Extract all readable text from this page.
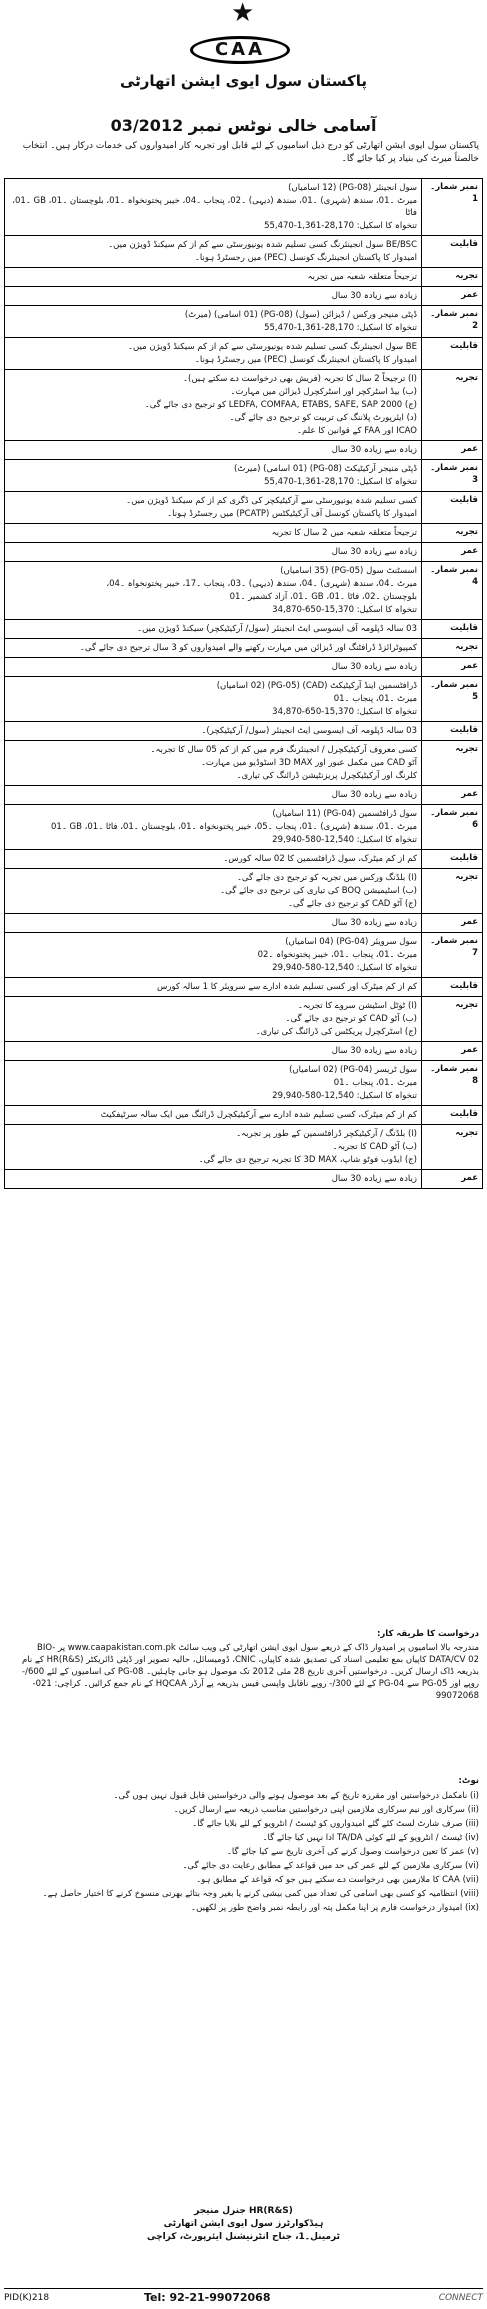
★
CAA
پاکستان سول ایوی ایشن اتھارٹی
آسامی خالی نوٹس نمبر 03/2012
پاکستان سول ایوی ایشن اتھارٹی کو درج ذیل اسامیوں کے لئے قابل اور تجربہ کار امیدواروں کی خدمات درکار ہیں۔ انتخاب خالصتاً میرٹ کی بنیاد پر کیا جائے گا۔
نمبر شمار۔1	سول انجینئر (PG-08) (12 اسامیاں)
میرٹ ۔01، سندھ (شہری) ۔01، سندھ (دیہی) ۔02، پنجاب ۔04، خیبر پختونخواہ ۔01، بلوچستان ۔01، GB ۔01، فاٹا
تنخواہ کا اسکیل: 28,170-1,361-55,470

قابلیت	BE/BSC سول انجینئرنگ کسی تسلیم شدہ یونیورسٹی سے کم از کم سیکنڈ ڈویژن میں۔
امیدوار کا پاکستان انجینئرنگ کونسل (PEC) میں رجسٹرڈ ہونا۔

تجربہ	ترجیحاً متعلقہ شعبہ میں تجربہ

عمر	زیادہ سے زیادہ 30 سال

نمبر شمار۔2	ڈپٹی منیجر ورکس / ڈیزائن (سول) (PG-08) (01 اسامی) (میرٹ)
تنخواہ کا اسکیل: 28,170-1,361-55,470

قابلیت	BE سول انجینئرنگ کسی تسلیم شدہ یونیورسٹی سے کم از کم سیکنڈ ڈویژن میں۔
امیدوار کا پاکستان انجینئرنگ کونسل (PEC) میں رجسٹرڈ ہونا۔

تجربہ	(ا) ترجیحاً 2 سال کا تجربہ (فریش بھی درخواست دے سکتے ہیں)۔
(ب) بیڈ اسٹرکچر اور اسٹرکچرل ڈیزائن میں مہارت۔
(ج) LEDFA, COMFAA, ETABS, SAFE, SAP 2000 کو ترجیح دی جائے گی۔
(د) ایئرپورٹ پلاننگ کی تربیت کو ترجیح دی جائے گی۔
ICAO اور FAA کے قوانین کا علم۔

عمر	زیادہ سے زیادہ 30 سال

نمبر شمار۔3	ڈپٹی منیجر آرکیٹیکٹ (PG-08) (01 اسامی) (میرٹ)
تنخواہ کا اسکیل: 28,170-1,361-55,470

قابلیت	کسی تسلیم شدہ یونیورسٹی سے آرکیٹیکچر کی ڈگری کم از کم سیکنڈ ڈویژن میں۔
امیدوار کا پاکستان کونسل آف آرکیٹیکٹس (PCATP) میں رجسٹرڈ ہونا۔

تجربہ	ترجیحاً متعلقہ شعبہ میں 2 سال کا تجربہ

عمر	زیادہ سے زیادہ 30 سال

نمبر شمار۔4	اسسٹنٹ سول (PG-05) (35 اسامیاں)
میرٹ ۔04، سندھ (شہری) ۔04، سندھ (دیہی) ۔03، پنجاب ۔17، خیبر پختونخواہ ۔04،
بلوچستان ۔02، فاٹا ۔01، GB ۔01، آزاد کشمیر ۔01
تنخواہ کا اسکیل: 15,370-650-34,870

قابلیت	03 سالہ ڈپلومہ آف ایسوسی ایٹ انجینئر (سول/ آرکیٹیکچر) سیکنڈ ڈویژن میں۔

تجربہ	کمپیوٹرائزڈ ڈرافٹنگ اور ڈیزائن میں مہارت رکھنے والے امیدواروں کو 3 سال ترجیح دی جائے گی۔

عمر	زیادہ سے زیادہ 30 سال

نمبر شمار۔5	ڈرافٹسمین اینڈ آرکیٹیکٹ (CAD) (PG-05) (02 اسامیاں)
میرٹ ۔01، پنجاب ۔01
تنخواہ کا اسکیل: 15,370-650-34,870

قابلیت	03 سالہ ڈپلومہ آف ایسوسی ایٹ انجینئر (سول/ آرکیٹیکچر)۔

تجربہ	کسی معروف آرکیٹیکچرل / انجینئرنگ فرم میں کم از کم 05 سال کا تجربہ۔
آٹو CAD میں مکمل عبور اور 3D MAX اسٹوڈیو میں مہارت۔
کلرنگ اور آرکیٹیکچرل پریزنٹیشن ڈرائنگ کی تیاری۔

عمر	زیادہ سے زیادہ 30 سال

نمبر شمار۔6	سول ڈرافٹسمین (PG-04) (11 اسامیاں)
میرٹ ۔01، سندھ (شہری) ۔01، پنجاب ۔05، خیبر پختونخواہ ۔01، بلوچستان ۔01، فاٹا ۔01، GB ۔01
تنخواہ کا اسکیل: 12,540-580-29,940

قابلیت	کم از کم میٹرک، سول ڈرافٹسمین کا 02 سالہ کورس۔

تجربہ	(ا) بلڈنگ ورکس میں تجربہ کو ترجیح دی جائے گی۔
(ب) اسٹیمیشن BOQ کی تیاری کی ترجیح دی جائے گی۔
(ج) آٹو CAD کو ترجیح دی جائے گی۔

عمر	زیادہ سے زیادہ 30 سال

نمبر شمار۔7	سول سرویئر (PG-04) (04 اسامیاں)
میرٹ ۔01، پنجاب ۔01، خیبر پختونخواہ ۔02
تنخواہ کا اسکیل: 12,540-580-29,940

قابلیت	کم از کم میٹرک اور کسی تسلیم شدہ ادارے سے سرویئر کا 1 سالہ کورس

تجربہ	(ا) ٹوٹل اسٹیشن سروے کا تجربہ۔
(ب) آٹو CAD کو ترجیح دی جائے گی۔
(ج) اسٹرکچرل پریکٹس کی ڈرائنگ کی تیاری۔

عمر	زیادہ سے زیادہ 30 سال

نمبر شمار۔8	سول ٹریسر (PG-04) (02 اسامیاں)
میرٹ ۔01، پنجاب ۔01
تنخواہ کا اسکیل: 12,540-580-29,940

قابلیت	کم از کم میٹرک، کسی تسلیم شدہ ادارے سے آرکیٹیکچرل ڈرائنگ میں ایک سالہ سرٹیفکیٹ

تجربہ	(ا) بلڈنگ / آرکیٹیکچر ڈرافٹسمین کے طور پر تجربہ۔
(ب) آٹو CAD کا تجربہ۔
(ج) ایڈوب فوٹو شاپ، 3D MAX کا تجربہ ترجیح دی جائے گی۔

عمر	زیادہ سے زیادہ 30 سال
درخواست کا طریقہ کار:
مندرجہ بالا اسامیوں پر امیدوار ڈاک کے ذریعے سول ایوی ایشن اتھارٹی کی ویب سائٹ www.caapakistan.com.pk پر BIO-DATA/CV 02 کاپیاں بمع تعلیمی اسناد کی تصدیق شدہ کاپیاں، CNIC، ڈومیسائل، حالیہ تصویر اور ڈپٹی ڈائریکٹر HR(R&S) کے نام بذریعہ ڈاک ارسال کریں۔ درخواستیں آخری تاریخ 28 مئی 2012 تک موصول ہو جانی چاہئیں۔ PG-08 کی اسامیوں کے لئے 600/- روپے اور PG-05 سے PG-04 کے لئے 300/- روپے ناقابل واپسی فیس بذریعہ پے آرڈر HQCAA کے نام جمع کرائیں۔ کراچی: 021-99072068
نوٹ:
(i) نامکمل درخواستیں اور مقررہ تاریخ کے بعد موصول ہونے والی درخواستیں قابل قبول نہیں ہوں گی۔
(ii) سرکاری اور نیم سرکاری ملازمین اپنی درخواستیں مناسب ذریعہ سے ارسال کریں۔
(iii) صرف شارٹ لسٹ کئے گئے امیدواروں کو ٹیسٹ / انٹرویو کے لئے بلایا جائے گا۔
(iv) ٹیسٹ / انٹرویو کے لئے کوئی TA/DA ادا نہیں کیا جائے گا۔
(v) عمر کا تعین درخواست وصول کرنے کی آخری تاریخ سے کیا جائے گا۔
(vi) سرکاری ملازمین کے لئے عمر کی حد میں قواعد کے مطابق رعایت دی جائے گی۔
(vii) CAA کا ملازمین بھی درخواست دے سکتے ہیں جو کہ قواعد کے مطابق ہو۔
(viii) انتظامیہ کو کسی بھی اسامی کی تعداد میں کمی بیشی کرنے یا بغیر وجہ بتائے بھرتی منسوخ کرنے کا اختیار حاصل ہے۔
(ix) امیدوار درخواست فارم پر اپنا مکمل پتہ اور رابطہ نمبر واضح طور پر لکھیں۔
جنرل منیجر HR(R&S)
ہیڈکوارٹرز سول ایوی ایشن اتھارٹی
ٹرمینل۔1، جناح انٹرنیشنل ایئرپورٹ، کراچی
PID(K)218	Tel: 92-21-99072068	CONNECT
